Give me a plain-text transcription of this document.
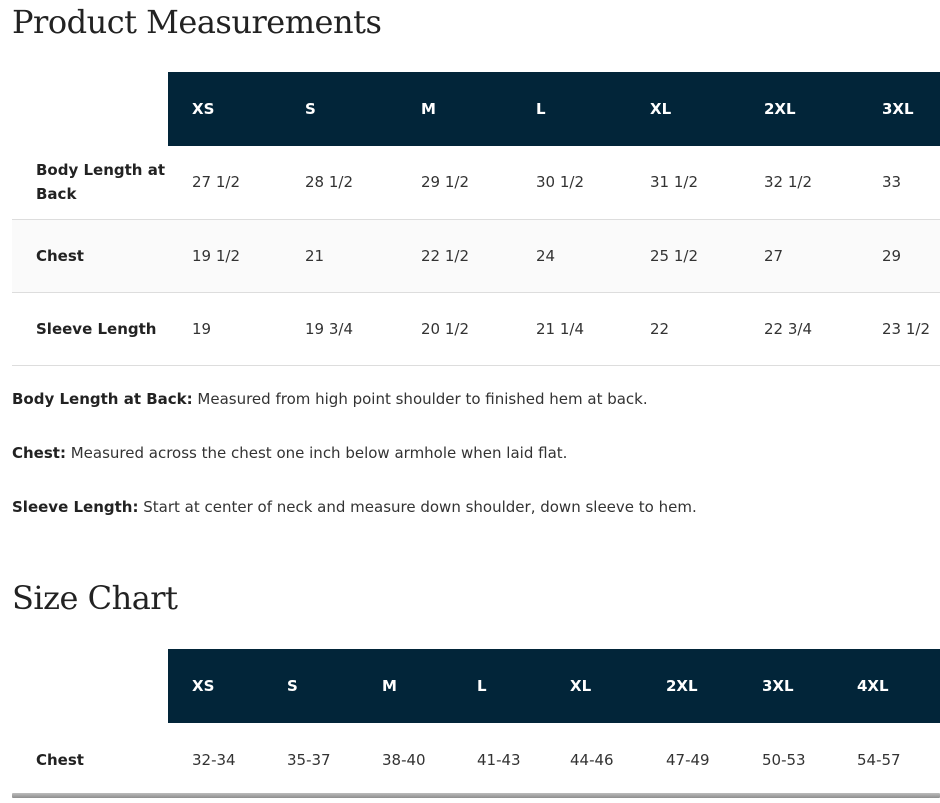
Product Measurements
	XS	S	M	L	XL	2XL	3XL
Body Length at Back	27 1/2	28 1/2	29 1/2	30 1/2	31 1/2	32 1/2	33
Chest	19 1/2	21	22 1/2	24	25 1/2	27	29
Sleeve Length	19	19 3/4	20 1/2	21 1/4	22	22 3/4	23 1/2

Body Length at Back: Measured from high point shoulder to finished hem at back.

Chest: Measured across the chest one inch below armhole when laid flat.

Sleeve Length: Start at center of neck and measure down shoulder, down sleeve to hem.

Size Chart
	XS	S	M	L	XL	2XL	3XL	4XL
Chest	32-34	35-37	38-40	41-43	44-46	47-49	50-53	54-57
